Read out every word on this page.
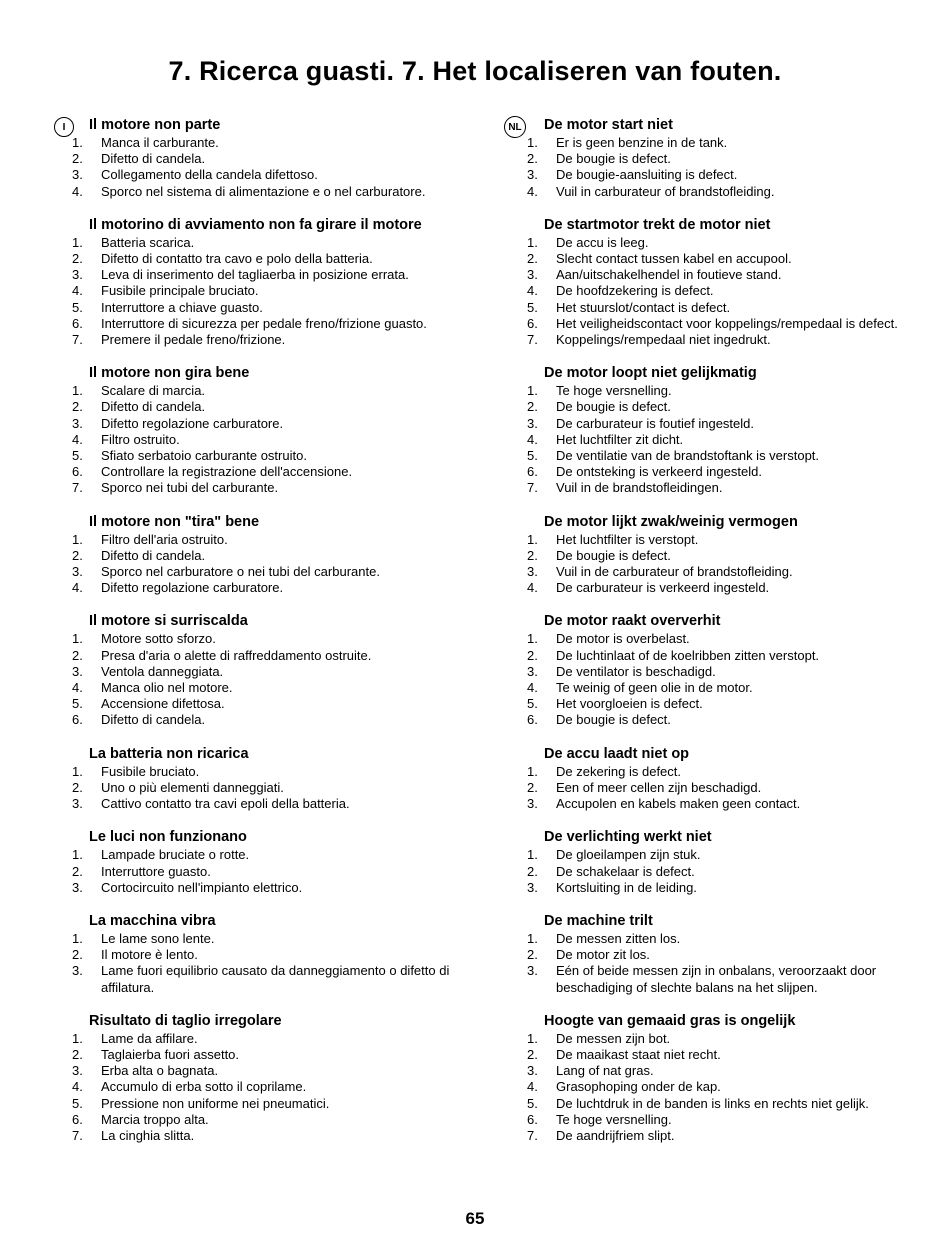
7. Ricerca guasti. 7. Het localiseren van fouten.
I	Il motore non parte
1.	Manca il carburante.
2.	Difetto di candela.
3.	Collegamento della candela difettoso.
4.	Sporco nel sistema di alimentazione e o nel carburatore.
Il motorino di avviamento non fa girare il motore
1.	Batteria scarica.
2.	Difetto di contatto tra cavo e polo della batteria.
3.	Leva di inserimento del tagliaerba in posizione errata.
4.	Fusibile principale bruciato.
5.	Interruttore a chiave guasto.
6.	Interruttore di sicurezza per pedale freno/frizione guasto.
7.	Premere il pedale freno/frizione.
Il motore non gira bene
1.	Scalare di marcia.
2.	Difetto di candela.
3.	Difetto regolazione carburatore.
4.	Filtro ostruito.
5.	Sfiato serbatoio carburante ostruito.
6.	Controllare la registrazione dell'accensione.
7.	Sporco nei tubi del carburante.
Il motore non "tira" bene
1.	Filtro dell'aria ostruito.
2.	Difetto di candela.
3.	Sporco nel carburatore o nei tubi del carburante.
4.	Difetto regolazione carburatore.
Il motore si surriscalda
1.	Motore sotto sforzo.
2.	Presa d'aria o alette di raffreddamento ostruite.
3.	Ventola danneggiata.
4.	Manca olio nel motore.
5.	Accensione difettosa.
6.	Difetto di candela.
La batteria non ricarica
1.	Fusibile bruciato.
2.	Uno o più elementi danneggiati.
3.	Cattivo contatto tra cavi epoli della batteria.
Le luci non funzionano
1.	Lampade bruciate o rotte.
2.	Interruttore guasto.
3.	Cortocircuito nell'impianto elettrico.
La macchina vibra
1.	Le lame sono lente.
2.	Il motore è lento.
3.	Lame fuori equilibrio causato da danneggiamento o difetto di affilatura.
Risultato di taglio irregolare
1.	Lame da affilare.
2.	Taglaierba fuori assetto.
3.	Erba alta o bagnata.
4.	Accumulo di erba sotto il coprilame.
5.	Pressione non uniforme nei pneumatici.
6.	Marcia troppo alta.
7.	La cinghia slitta.
NL De motor start niet
1.	Er is geen benzine in de tank.
2.	De bougie is defect.
3.	De bougie-aansluiting is defect.
4.	Vuil in carburateur of brandstofleiding.
De startmotor trekt de motor niet
1.	De accu is leeg.
2.	Slecht contact tussen kabel en accupool.
3.	Aan/uitschakelhendel in foutieve stand.
4.	De hoofdzekering is defect.
5.	Het stuurslot/contact is defect.
6.	Het veiligheidscontact voor koppelings/rempedaal is defect.
7.	Koppelings/rempedaal niet ingedrukt.
De motor loopt niet gelijkmatig
1.	Te hoge versnelling.
2.	De bougie is defect.
3.	De carburateur is foutief ingesteld.
4.	Het luchtfilter zit dicht.
5.	De ventilatie van de brandstoftank is verstopt.
6.	De ontsteking is verkeerd ingesteld.
7.	Vuil in de brandstofleidingen.
De motor lijkt zwak/weinig vermogen
1.	Het luchtfilter is verstopt.
2.	De bougie is defect.
3.	Vuil in de carburateur of brandstofleiding.
4.	De carburateur is verkeerd ingesteld.
De motor raakt oververhit
1.	De motor is overbelast.
2.	De luchtinlaat of de koelribben zitten verstopt.
3.	De ventilator is beschadigd.
4.	Te weinig of geen olie in de motor.
5.	Het voorgloeien is defect.
6.	De bougie is defect.
De accu laadt niet op
1.	De zekering is defect.
2.	Een of meer cellen zijn beschadigd.
3.	Accupolen en kabels maken geen contact.
De verlichting werkt niet
1.	De gloeilampen zijn stuk.
2.	De schakelaar is defect.
3.	Kortsluiting in de leiding.
De machine trilt
1.	De messen zitten los.
2.	De motor zit los.
3.	Eén of beide messen zijn in onbalans, veroorzaakt door beschadiging of slechte balans na het slijpen.
Hoogte van gemaaid gras is ongelijk
1.	De messen zijn bot.
2.	De maaikast staat niet recht.
3.	Lang of nat gras.
4.	Grasophoping onder de kap.
5.	De luchtdruk in de banden is links en rechts niet gelijk.
6.	Te hoge versnelling.
7.	De aandrijfriem slipt.
65
